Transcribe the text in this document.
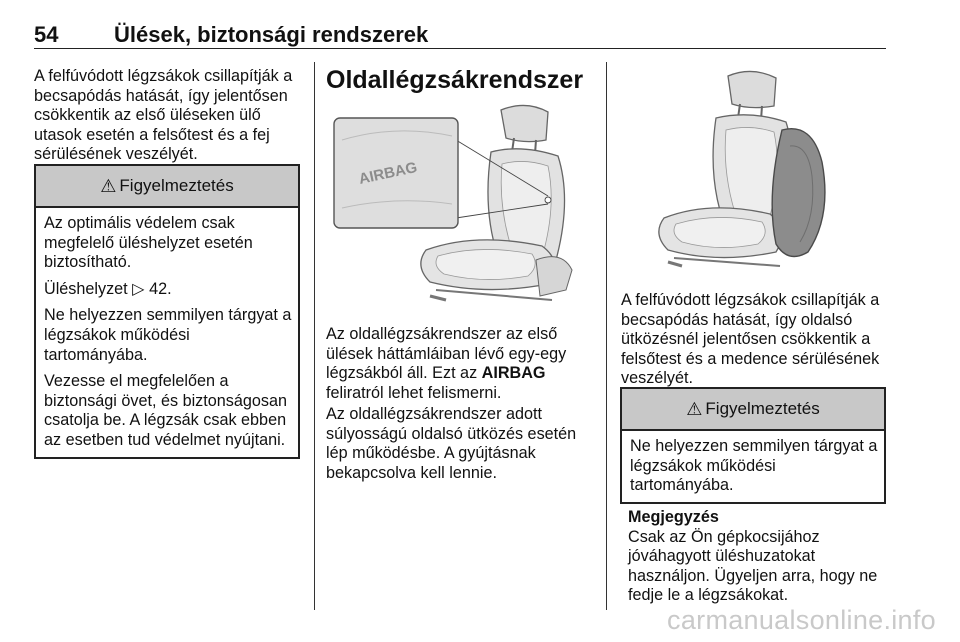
54	Ülések, biztonsági rendszerek

A felfúvódott légzsákok csillapítják a becsapódás hatását, így jelentősen csökkentik az első üléseken ülő utasok esetén a felsőtest és a fej sérülésének veszélyét.

⚠ Figyelmeztetés

Az optimális védelem csak megfelelő üléshelyzet esetén biztosítható.

Üléshelyzet ▷ 42.

Ne helyezzen semmilyen tárgyat a légzsákok működési tartományába.

Vezesse el megfelelően a biztonsági övet, és biztonságosan csatolja be. A légzsák csak ebben az esetben tud védelmet nyújtani.

Oldallégzsákrendszer
AIRBAG

Az oldallégzsákrendszer az első ülések háttámláiban lévő egy-egy légzsákból áll. Ezt az AIRBAG feliratról lehet felismerni.

Az oldallégzsákrendszer adott súlyosságú oldalsó ütközés esetén lép működésbe. A gyújtásnak bekapcsolva kell lennie.

A felfúvódott légzsákok csillapítják a becsapódás hatását, így oldalsó ütközésnél jelentősen csökkentik a felsőtest és a medence sérülésének veszélyét.

⚠ Figyelmeztetés

Ne helyezzen semmilyen tárgyat a légzsákok működési tartományába.

Megjegyzés

Csak az Ön gépkocsijához jóváhagyott üléshuzatokat használjon. Ügyeljen arra, hogy ne fedje le a légzsákokat.

carmanualsonline.info
